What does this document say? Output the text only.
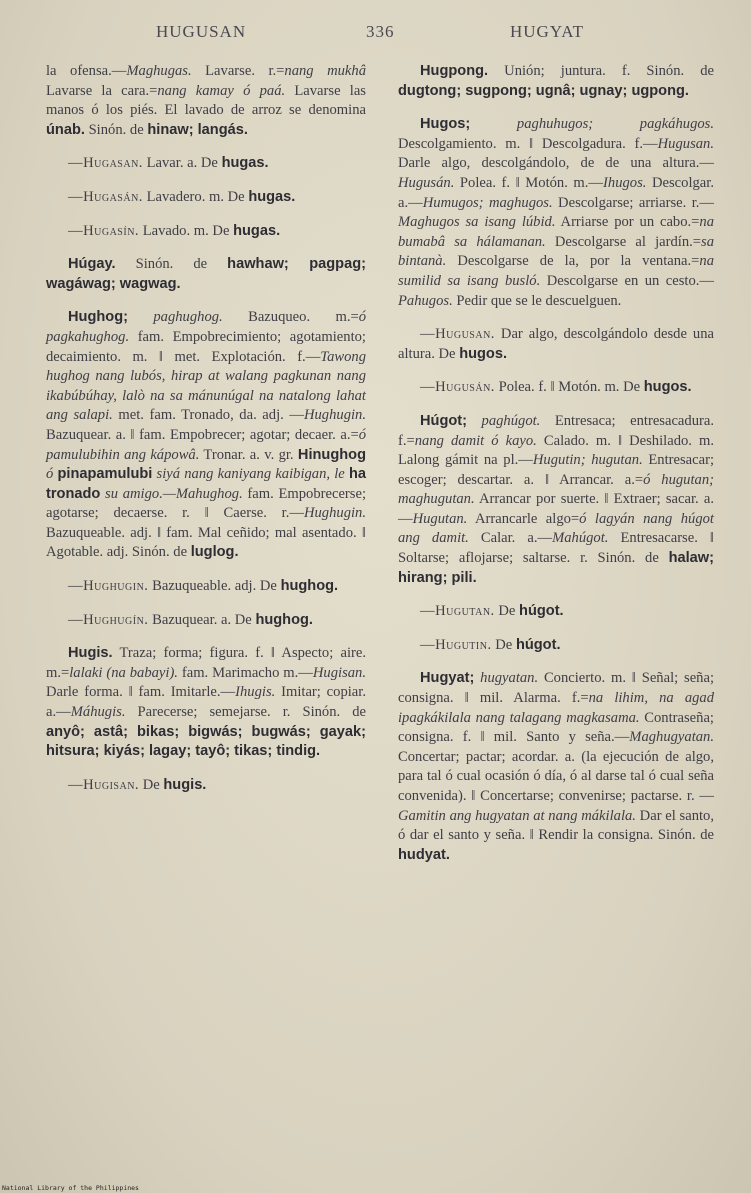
HUGUSAN	336	HUGYAT

la ofensa.—Maghugas. Lavarse. r.=nang mukhâ Lavarse la cara.=nang kamay ó paá. Lavarse las manos ó los piés. El lavado de arroz se denomina únab. Sinón. de hinaw; langás.

—Hugasan. Lavar. a. De hugas.

—Hugasán. Lavadero. m. De hugas.

—Hugasín. Lavado. m. De hugas.

Húgay. Sinón. de hawhaw; pagpag; wagáwag; wagwag.

Hughog; paghughog. Bazuqueo. m.=ó pagkahughog. fam. Empobrecimiento; agotamiento; decaimiento. m. ‖ met. Explotación. f.—Tawong hughog nang lubós, hirap at walang pagkunan nang ikabúbúhay, lalò na sa mánunúgal na natalong lahat ang salapi. met. fam. Tronado, da. adj. —Hughugin. Bazuquear. a. ‖ fam. Empobrecer; agotar; decaer. a.=ó pamulubihin ang kápowâ. Tronar. a. v. gr. Hinughog ó pinapamulubi siyá nang kaniyang kaibigan, le ha tronado su amigo.—Mahughog. fam. Empobrecerse; agotarse; decaerse. r. ‖ Caerse. r.—Hughugin. Bazuqueable. adj. ‖ fam. Mal ceñido; mal asentado. ‖ Agotable. adj. Sinón. de luglog.

—Hughugin. Bazuqueable. adj. De hughog.

—Hughugín. Bazuquear. a. De hughog.

Hugis. Traza; forma; figura. f. ‖ Aspecto; aire. m.=lalaki (na babayi). fam. Marimacho m.—Hugisan. Darle forma. ‖ fam. Imitarle.—Ihugis. Imitar; copiar. a.—Máhugis. Parecerse; semejarse. r. Sinón. de anyô; astâ; bikas; bigwás; bugwás; gayak; hitsura; kiyás; lagay; tayô; tikas; tindig.

—Hugisan. De hugis.

Hugpong. Unión; juntura. f. Sinón. de dugtong; sugpong; ugnâ; ugnay; ugpong.

Hugos; paghuhugos; pagkáhugos. Descolgamiento. m. ‖ Descolgadura. f.—Hugusan. Darle algo, descolgándolo, de de una altura.—Hugusán. Polea. f. ‖ Motón. m.—Ihugos. Descolgar. a.—Humugos; maghugos. Descolgarse; arriarse. r.—Maghugos sa isang lúbid. Arriarse por un cabo.=na bumabâ sa hálamanan. Descolgarse al jardín.=sa bintanà. Descolgarse de la, por la ventana.=na sumilid sa isang busló. Descolgarse en un cesto.—Pahugos. Pedir que se le descuelguen.

—Hugusan. Dar algo, descolgándolo desde una altura. De hugos.

—Hugusán. Polea. f. ‖ Motón. m. De hugos.

Húgot; paghúgot. Entresaca; entresacadura. f.=nang damit ó kayo. Calado. m. ‖ Deshilado. m. Lalong gámit na pl.—Hugutin; hugutan. Entresacar; escoger; descartar. a. ‖ Arrancar. a.=ó hugutan; maghugutan. Arrancar por suerte. ‖ Extraer; sacar. a.—Hugutan. Arrancarle algo=ó lagyán nang húgot ang damit. Calar. a.—Mahúgot. Entresacarse. ‖ Soltarse; aflojarse; saltarse. r. Sinón. de halaw; hirang; pili.

—Hugutan. De húgot.

—Hugutin. De húgot.

Hugyat; hugyatan. Concierto. m. ‖ Señal; seña; consigna. ‖ mil. Alarma. f.=na lihim, na agad ipagkákilala nang talagang magkasama. Contraseña; consigna. f. ‖ mil. Santo y seña.—Maghugyatan. Concertar; pactar; acordar. a. (la ejecución de algo, para tal ó cual ocasión ó día, ó al darse tal ó cual seña convenida). ‖ Concertarse; convenirse; pactarse. r. —Gamitin ang hugyatan at nang mákilala. Dar el santo, ó dar el santo y seña. ‖ Rendir la consigna. Sinón. de hudyat.

National Library of the Philippines
